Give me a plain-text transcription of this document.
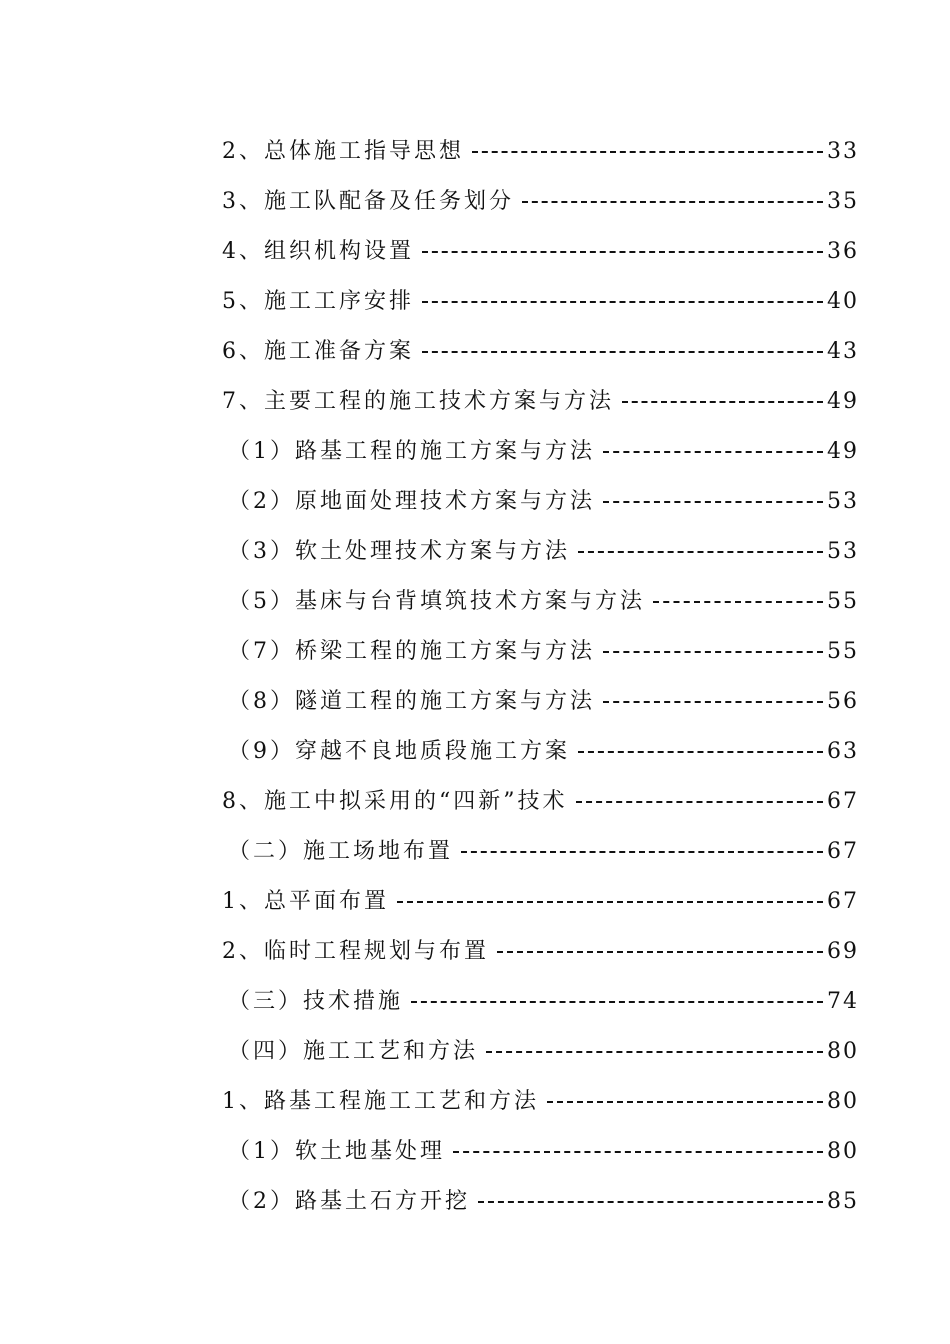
2、总体施工指导思想	33
3、施工队配备及任务划分	35
4、组织机构设置	36
5、施工工序安排	40
6、施工准备方案	43
7、主要工程的施工技术方案与方法	49
（1）路基工程的施工方案与方法	49
（2）原地面处理技术方案与方法	53
（3）软土处理技术方案与方法	53
（5）基床与台背填筑技术方案与方法	55
（7）桥梁工程的施工方案与方法	55
（8）隧道工程的施工方案与方法	56
（9）穿越不良地质段施工方案	63
8、施工中拟采用的“四新”技术	67
（二）施工场地布置	67
1、总平面布置	67
2、临时工程规划与布置	69
（三）技术措施	74
（四）施工工艺和方法	80
1、路基工程施工工艺和方法	80
（1）软土地基处理	80
（2）路基土石方开挖	85
